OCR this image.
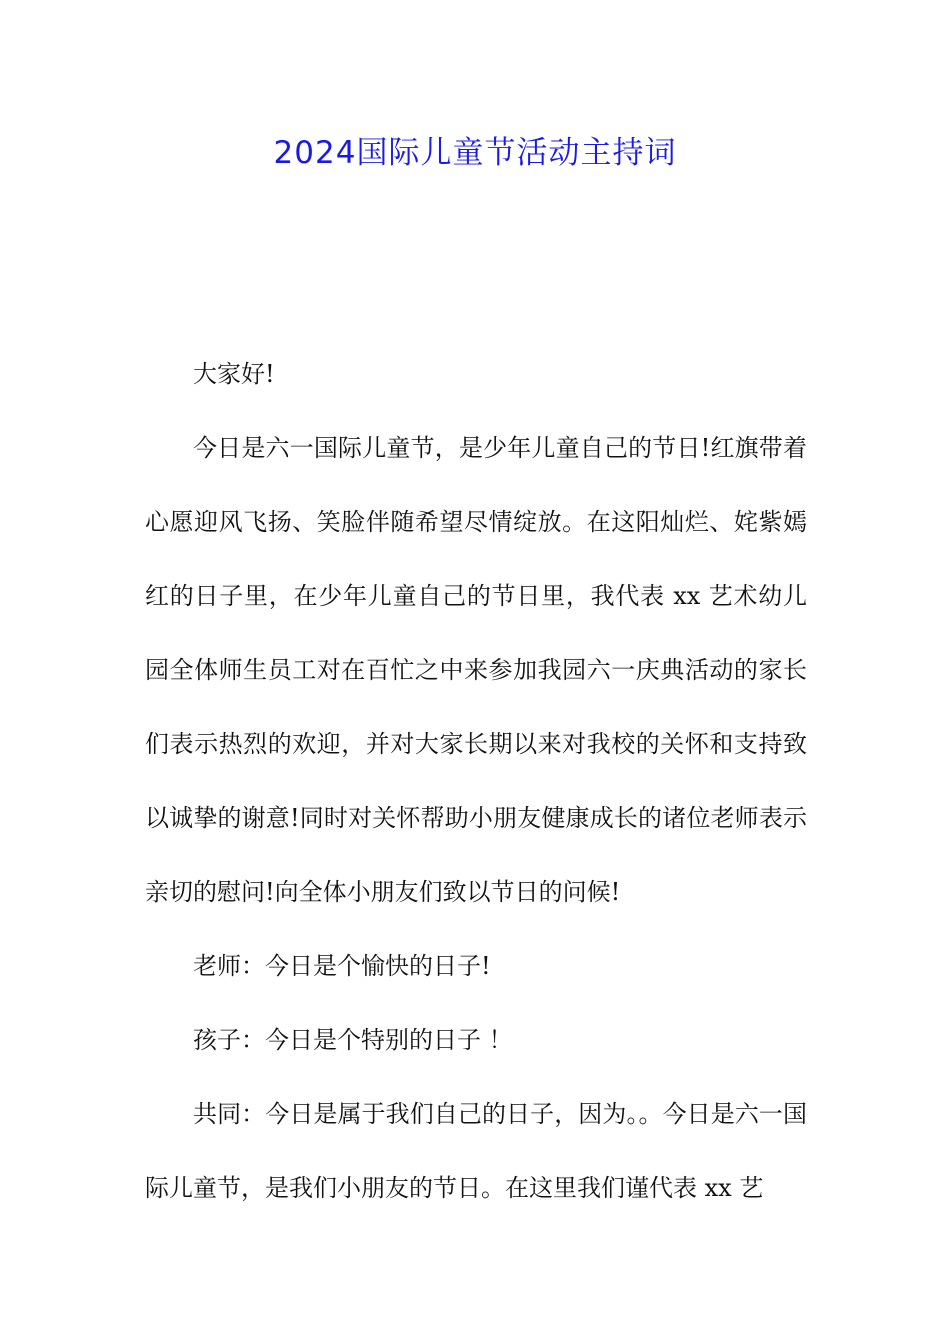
2024国际儿童节活动主持词

大家好!

今日是六一国际儿童节，是少年儿童自己的节日!红旗带着心愿迎风飞扬、笑脸伴随希望尽情绽放。在这阳灿烂、姹紫嫣红的日子里，在少年儿童自己的节日里，我代表 xx 艺术幼儿园全体师生员工对在百忙之中来参加我园六一庆典活动的家长们表示热烈的欢迎，并对大家长期以来对我校的关怀和支持致以诚挚的谢意!同时对关怀帮助小朋友健康成长的诸位老师表示亲切的慰问!向全体小朋友们致以节日的问候!

老师：今日是个愉快的日子!

孩子：今日是个特别的日子 ！

共同：今日是属于我们自己的日子，因为。。今日是六一国际儿童节，是我们小朋友的节日。在这里我们谨代表 xx 艺
